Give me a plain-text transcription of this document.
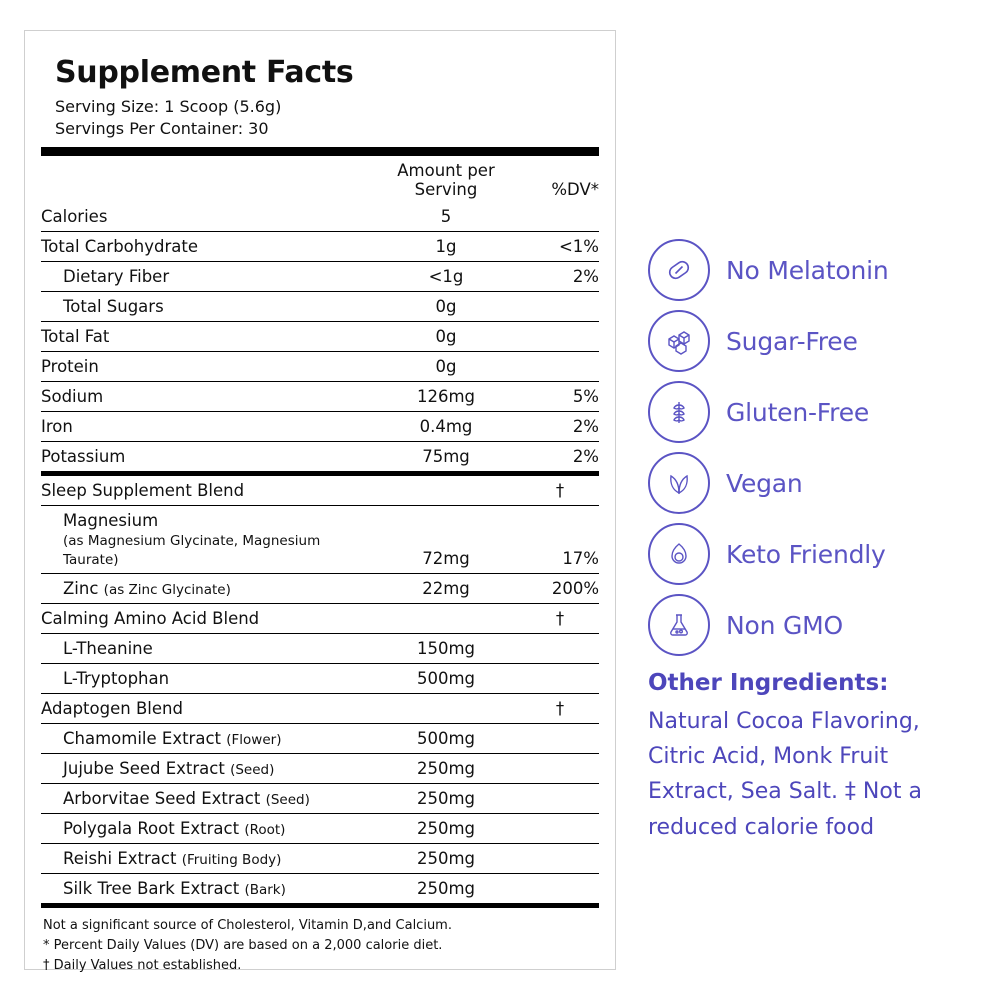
Supplement Facts
Serving Size: 1 Scoop (5.6g)
Servings Per Container: 30
	Amount per Serving	%DV*
Calories	5	
Total Carbohydrate	1g	<1%
Dietary Fiber	<1g	2%
Total Sugars	0g	
Total Fat	0g	
Protein	0g	
Sodium	126mg	5%
Iron	0.4mg	2%
Potassium	75mg	2%
Sleep Supplement Blend		†
Magnesium
(as Magnesium Glycinate, Magnesium Taurate)	72mg	17%
Zinc (as Zinc Glycinate)	22mg	200%
Calming Amino Acid Blend		†
L-Theanine	150mg	
L-Tryptophan	500mg	
Adaptogen Blend		†
Chamomile Extract (Flower)	500mg	
Jujube Seed Extract (Seed)	250mg	
Arborvitae Seed Extract (Seed)	250mg	
Polygala Root Extract (Root)	250mg	
Reishi Extract (Fruiting Body)	250mg	
Silk Tree Bark Extract (Bark)	250mg	
Not a significant source of Cholesterol, Vitamin D,and Calcium.
* Percent Daily Values (DV) are based on a 2,000 calorie diet.
† Daily Values not established.
No Melatonin
Sugar-Free
Gluten-Free
Vegan
Keto Friendly
Non GMO
Other Ingredients:
Natural Cocoa Flavoring, Citric Acid, Monk Fruit Extract, Sea Salt. ‡ Not a reduced calorie food
